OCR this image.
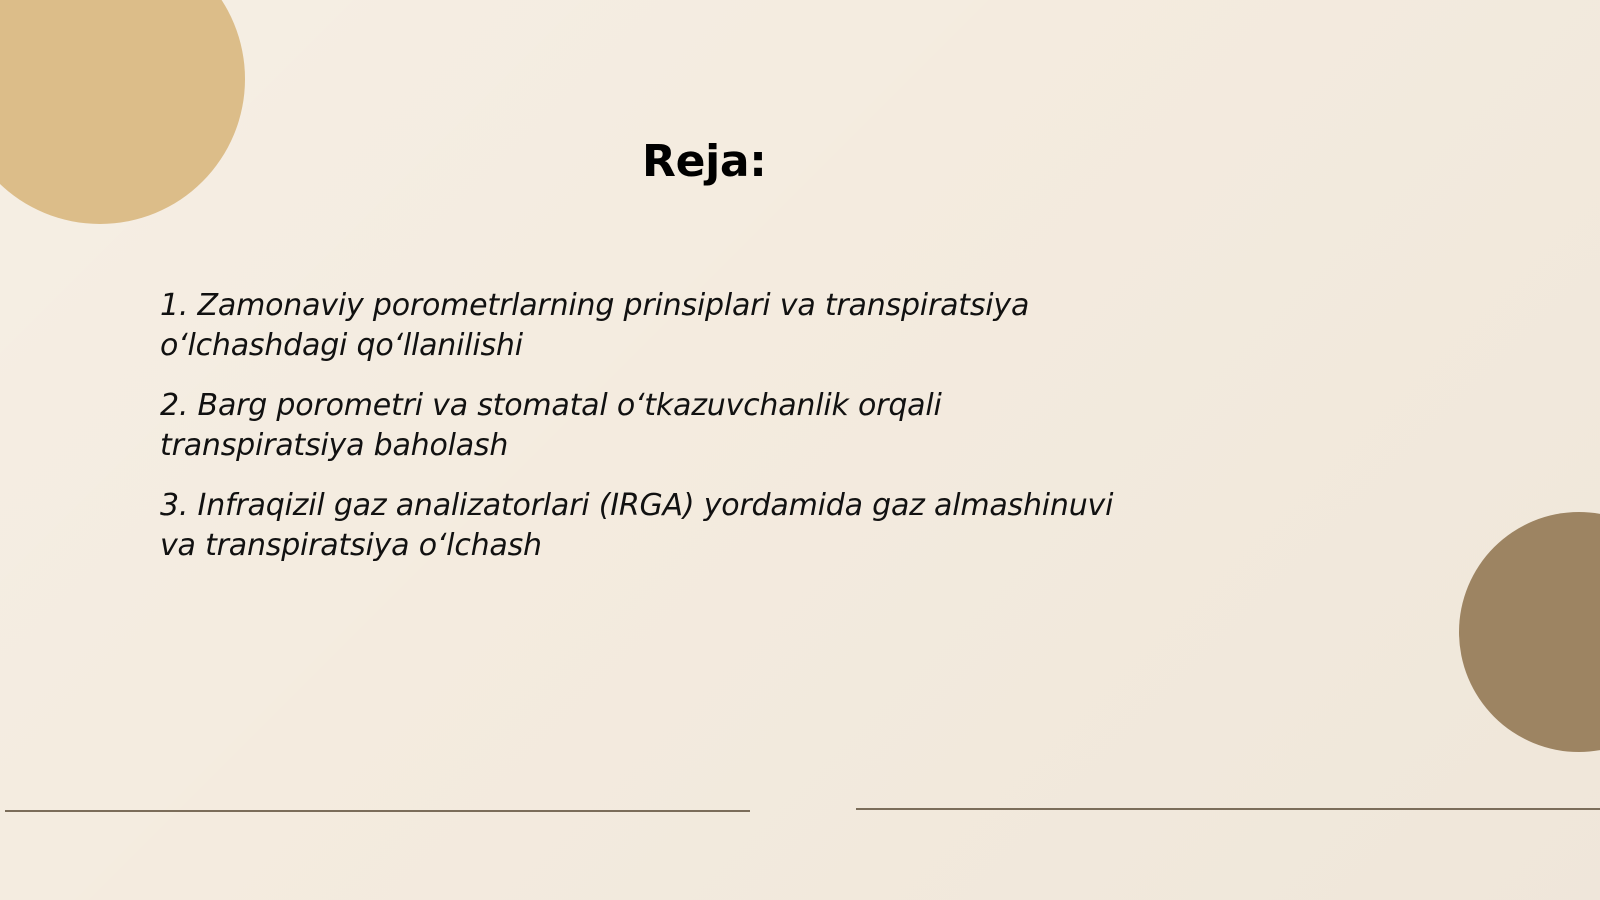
Reja:
1. Zamonaviy porometrlarning prinsiplari va transpiratsiya o‘lchashdagi qo‘llanilishi
2. Barg porometri va stomatal o‘tkazuvchanlik orqali transpiratsiya baholash
3. Infraqizil gaz analizatorlari (IRGA) yordamida gaz almashinuvi va transpiratsiya o‘lchash
